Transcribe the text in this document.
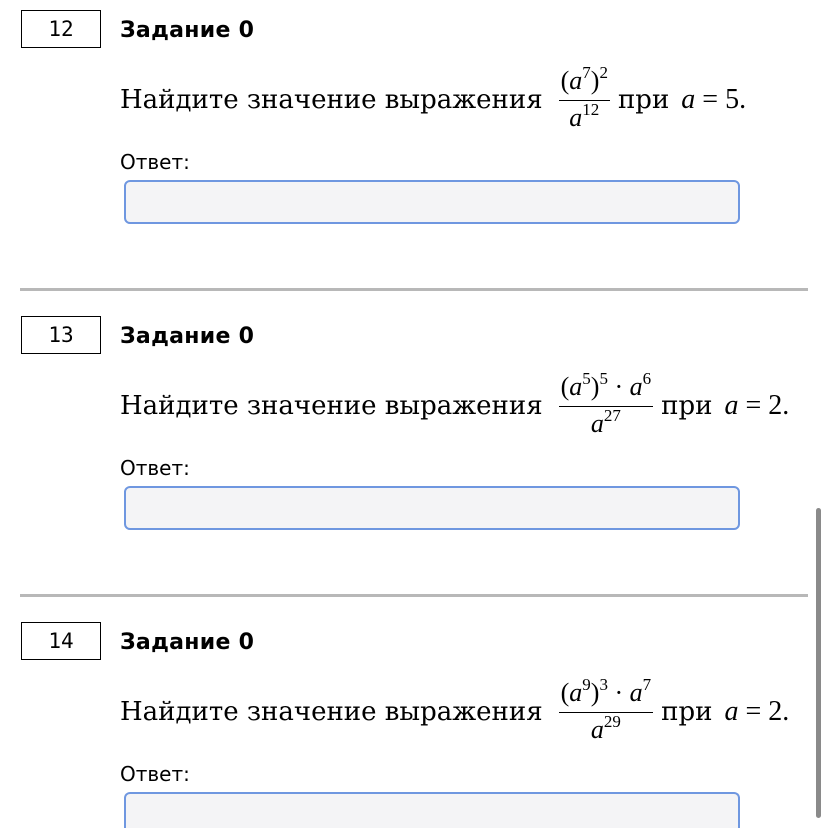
12	Задание 0
Найдите значение выражения $\frac{(a^7)^2}{a^{12}}$ при a = 5.
Ответ:
13	Задание 0
Найдите значение выражения $\frac{(a^5)^5 \cdot a^6}{a^{27}}$ при a = 2.
Ответ:
14	Задание 0
Найдите значение выражения $\frac{(a^9)^3 \cdot a^7}{a^{29}}$ при a = 2.
Ответ:
